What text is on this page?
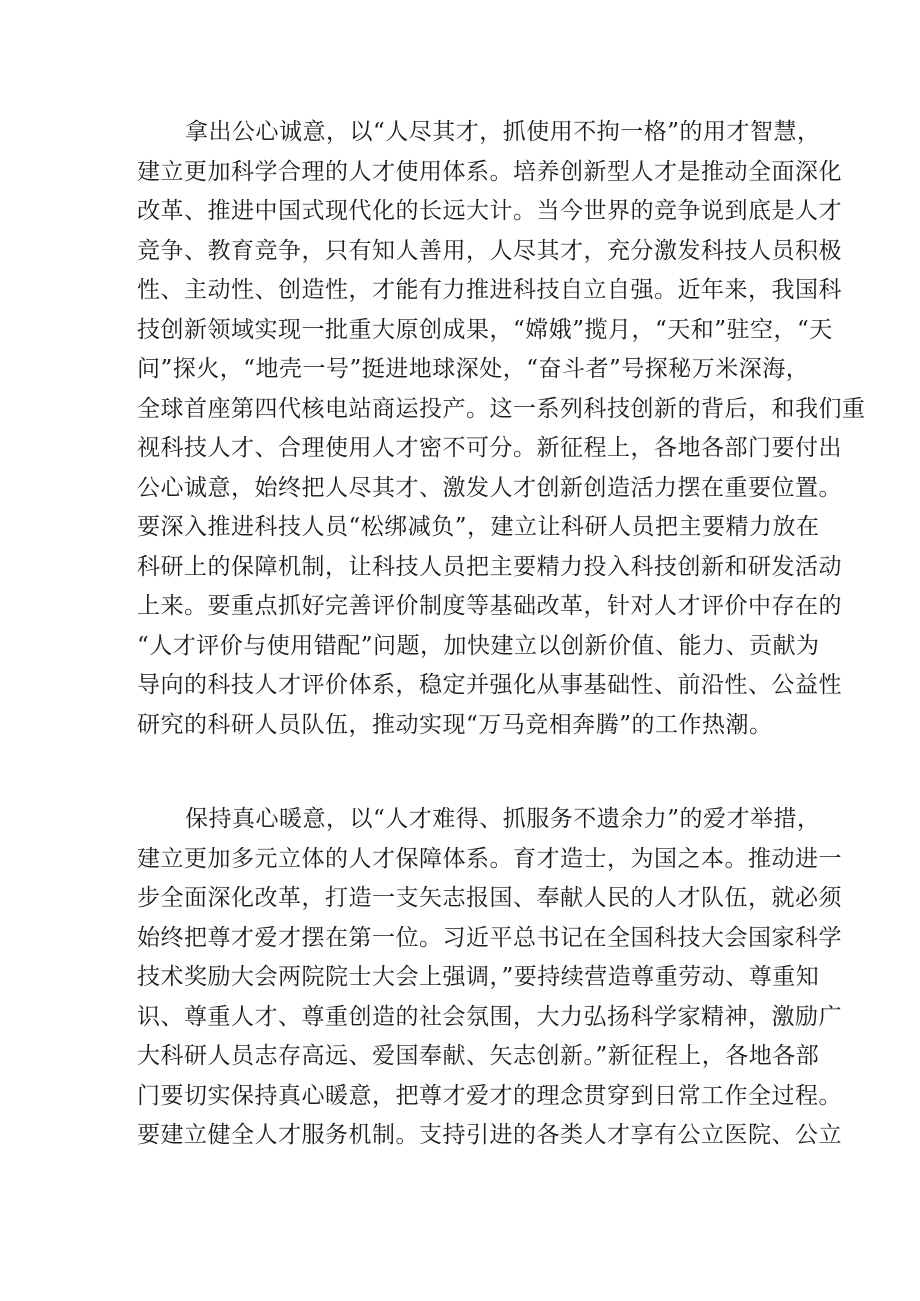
拿出公心诚意，以“人尽其才，抓使用不拘一格”的用才智慧，
建立更加科学合理的人才使用体系。培养创新型人才是推动全面深化
改革、推进中国式现代化的长远大计。当今世界的竞争说到底是人才
竞争、教育竞争，只有知人善用，人尽其才，充分激发科技人员积极
性、主动性、创造性，才能有力推进科技自立自强。近年来，我国科
技创新领域实现一批重大原创成果，“嫦娥”揽月，“天和”驻空，“天
问”探火，“地壳一号”挺进地球深处，“奋斗者”号探秘万米深海，
全球首座第四代核电站商运投产。这一系列科技创新的背后，和我们重
视科技人才、合理使用人才密不可分。新征程上，各地各部门要付出
公心诚意，始终把人尽其才、激发人才创新创造活力摆在重要位置。
要深入推进科技人员“松绑减负”，建立让科研人员把主要精力放在
科研上的保障机制，让科技人员把主要精力投入科技创新和研发活动
上来。要重点抓好完善评价制度等基础改革，针对人才评价中存在的
“人才评价与使用错配”问题，加快建立以创新价值、能力、贡献为
导向的科技人才评价体系，稳定并强化从事基础性、前沿性、公益性
研究的科研人员队伍，推动实现“万马竞相奔腾”的工作热潮。
保持真心暖意，以“人才难得、抓服务不遗余力”的爱才举措，
建立更加多元立体的人才保障体系。育才造士，为国之本。推动进一
步全面深化改革，打造一支矢志报国、奉献人民的人才队伍，就必须
始终把尊才爱才摆在第一位。习近平总书记在全国科技大会国家科学
技术奖励大会两院院士大会上强调，”要持续营造尊重劳动、尊重知
识、尊重人才、尊重创造的社会氛围，大力弘扬科学家精神，激励广
大科研人员志存高远、爱国奉献、矢志创新。”新征程上，各地各部
门要切实保持真心暖意，把尊才爱才的理念贯穿到日常工作全过程。
要建立健全人才服务机制。支持引进的各类人才享有公立医院、公立
